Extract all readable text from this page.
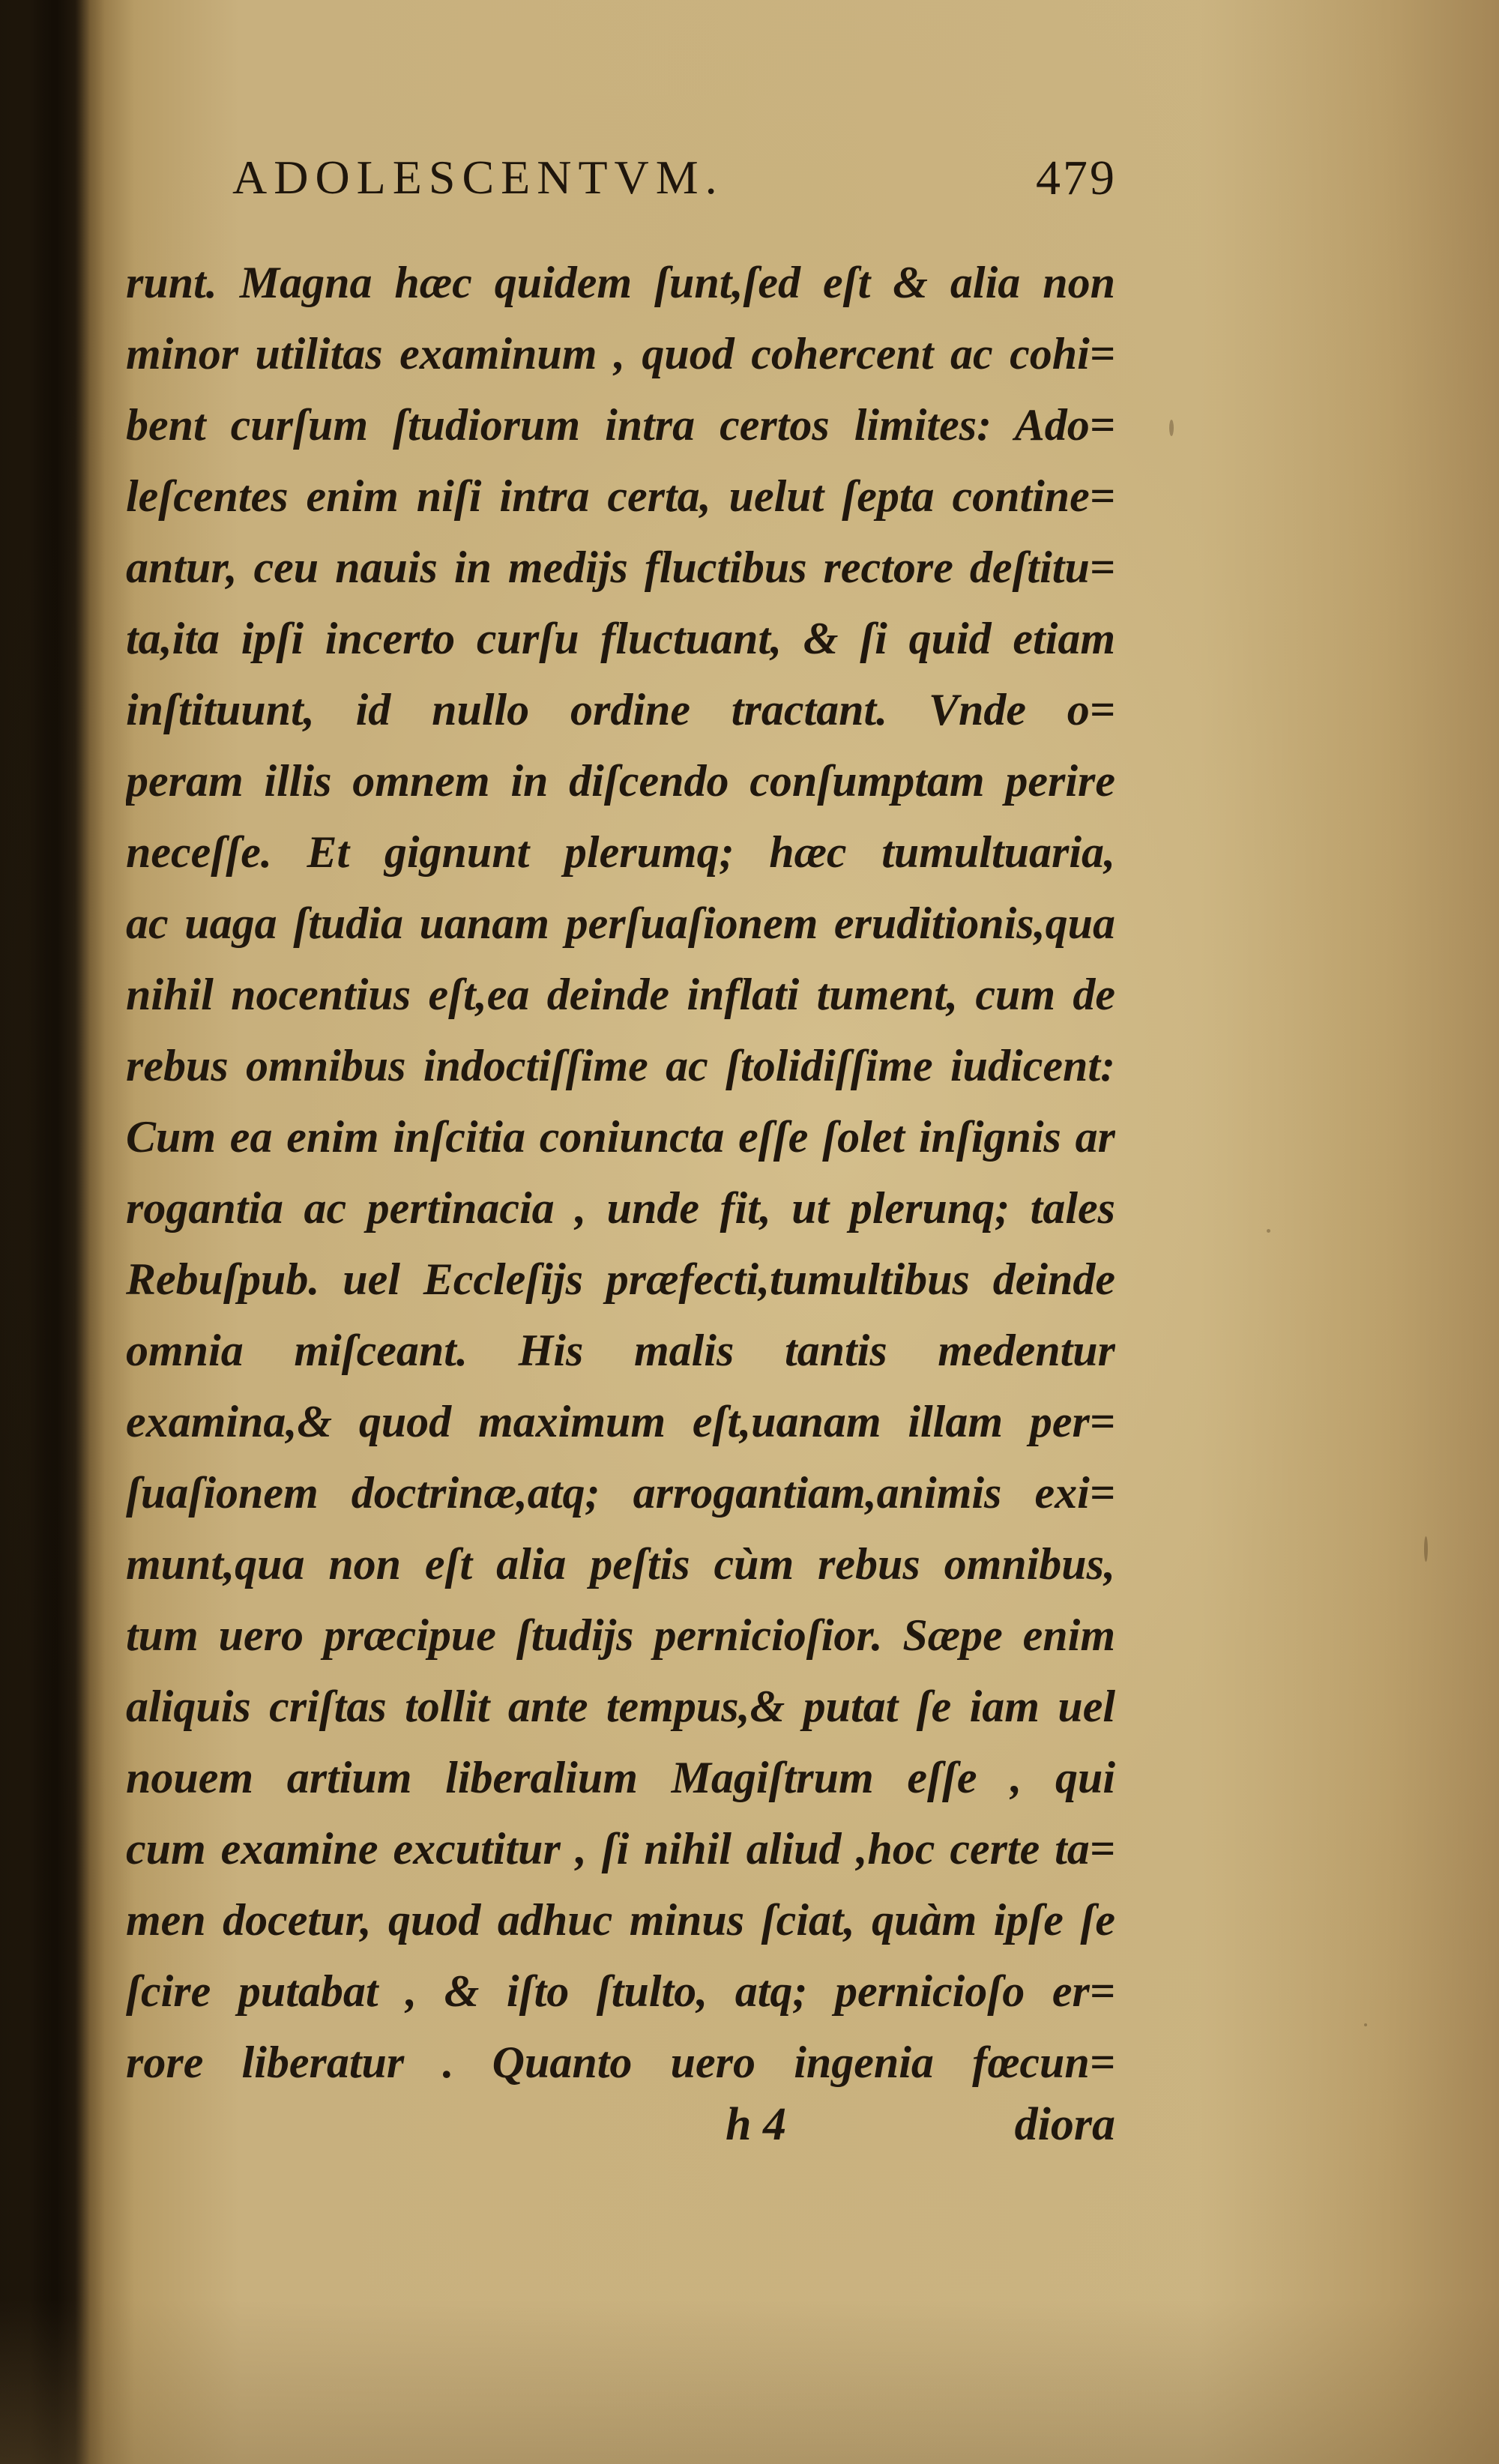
ADOLESCENTVM.	479
runt. Magna hæc quidem ſunt,ſed eſt & alia non
minor utilitas examinum , quod cohercent ac cohi=
bent curſum ſtudiorum intra certos limites: Ado=
leſcentes enim niſi intra certa, uelut ſepta contine=
antur, ceu nauis in medijs fluctibus rectore deſtitu=
ta,ita ipſi incerto curſu fluctuant, & ſi quid etiam
inſtituunt, id nullo ordine tractant. Vnde o=
peram illis omnem in diſcendo conſumptam perire
neceſſe. Et gignunt plerumq; hæc tumultuaria,
ac uaga ſtudia uanam perſuaſionem eruditionis,qua
nihil nocentius eſt,ea deinde inflati tument, cum de
rebus omnibus indoctiſſime ac ſtolidiſſime iudicent:
Cum ea enim inſcitia coniuncta eſſe ſolet inſignis ar
rogantia ac pertinacia , unde fit, ut plerunq; tales
Rebuſpub. uel Eccleſijs præfecti,tumultibus deinde
omnia miſceant. His malis tantis medentur
examina,& quod maximum eſt,uanam illam per=
ſuaſionem doctrinæ,atq; arrogantiam,animis exi=
munt,qua non eſt alia peſtis cùm rebus omnibus,
tum uero præcipue ſtudijs pernicioſior. Sæpe enim
aliquis criſtas tollit ante tempus,& putat ſe iam uel
nouem artium liberalium Magiſtrum eſſe , qui
cum examine excutitur , ſi nihil aliud ,hoc certe ta=
men docetur, quod adhuc minus ſciat, quàm ipſe ſe
ſcire putabat , & iſto ſtulto, atq; pernicioſo er=
rore liberatur . Quanto uero ingenia fœcun=
h 4	diora
